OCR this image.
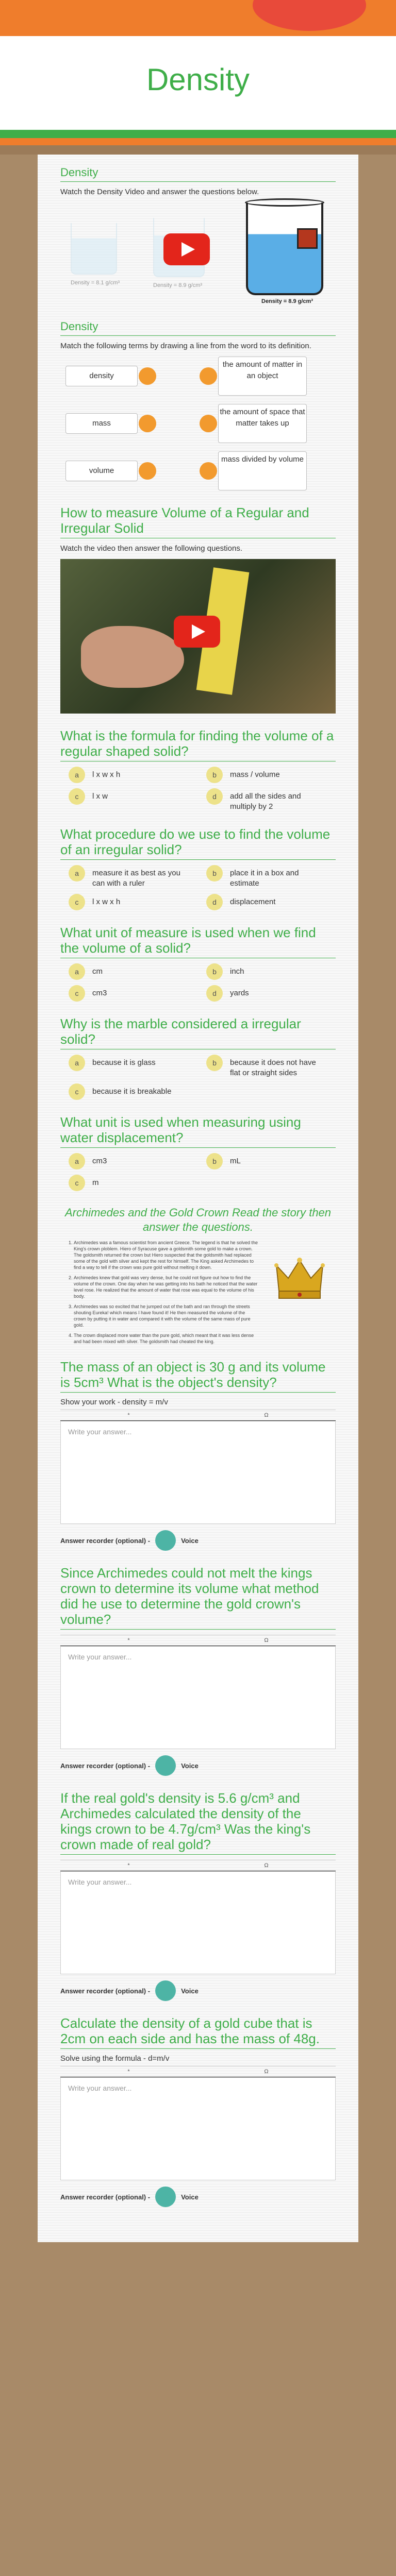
Density
Density
Watch the Density Video and answer the questions below.
Density = 8.1 g/cm³	Density = 8.9 g/cm³
Density = 8.9 g/cm³
Density
Match the following terms by drawing a line from the word to its definition.
density
the amount of matter in an object
mass
the amount of space that matter takes up
volume
mass divided by volume
How to measure Volume of a Regular and Irregular Solid
Watch the video then answer the following questions.
What is the formula for finding the volume of a regular shaped solid?
a	l x w x h	b	mass / volume
c	l x w	d	add all the sides and multiply by 2
What procedure do we use to find the volume of an irregular solid?
a	measure it as best as you can with a ruler
b	place it in a box and estimate
c	l x w x h	d	displacement
What unit of measure is used when we find the volume of a solid?
a	cm	b	inch
c	cm3	d	yards
Why is the marble considered a irregular solid?
a	because it is glass	b	because it does not have flat or straight sides
c	because it is breakable
What unit is used when measuring using water displacement?
a	cm3	b	mL
c	m
Archimedes and the Gold Crown Read the story then answer the questions.
1. Archimedes was a famous scientist from ancient Greece. The legend is that he solved the King's crown ploblem. Hiero of Syracuse gave a goldsmith some gold to make a crown. The goldsmith returned the crown but Hiero suspected that the goldsmith had replaced some of the gold with silver and kept the rest for himself. The King asked Archimedes to find a way to tell if the crown was pure gold without melting it down.
2. Archimedes knew that gold was very dense, but he could not figure out how to find the volume of the crown. One day when he was getting into his bath he noticed that the water level rose. He realized that the amount of water that rose was equal to the volume of his body.
3. Archimedes was so excited that he jumped out of the bath and ran through the streets shouting Eureka! which means I have found it! He then measured the volume of the crown by putting it in water and compared it with the volume of the same mass of pure gold.
4. The crown displaced more water than the pure gold, which meant that it was less dense and had been mixed with silver. The goldsmith had cheated the king.
The mass of an object is 30 g and its volume is 5cm³ What is the object's density?
Show your work - density = m/v
*	Ω
Write your answer...
Answer recorder (optional) -	Voice
Since Archimedes could not melt the kings crown to determine its volume what method did he use to determine the gold crown's volume?
*	Ω
Write your answer...
Answer recorder (optional) -	Voice
If the real gold's density is 5.6 g/cm³ and Archimedes calculated the density of the kings crown to be 4.7g/cm³ Was the king's crown made of real gold?
*	Ω
Write your answer...
Answer recorder (optional) -	Voice
Calculate the density of a gold cube that is 2cm on each side and has the mass of 48g.
Solve using the formula - d=m/v
*	Ω
Write your answer...
Answer recorder (optional) -	Voice
